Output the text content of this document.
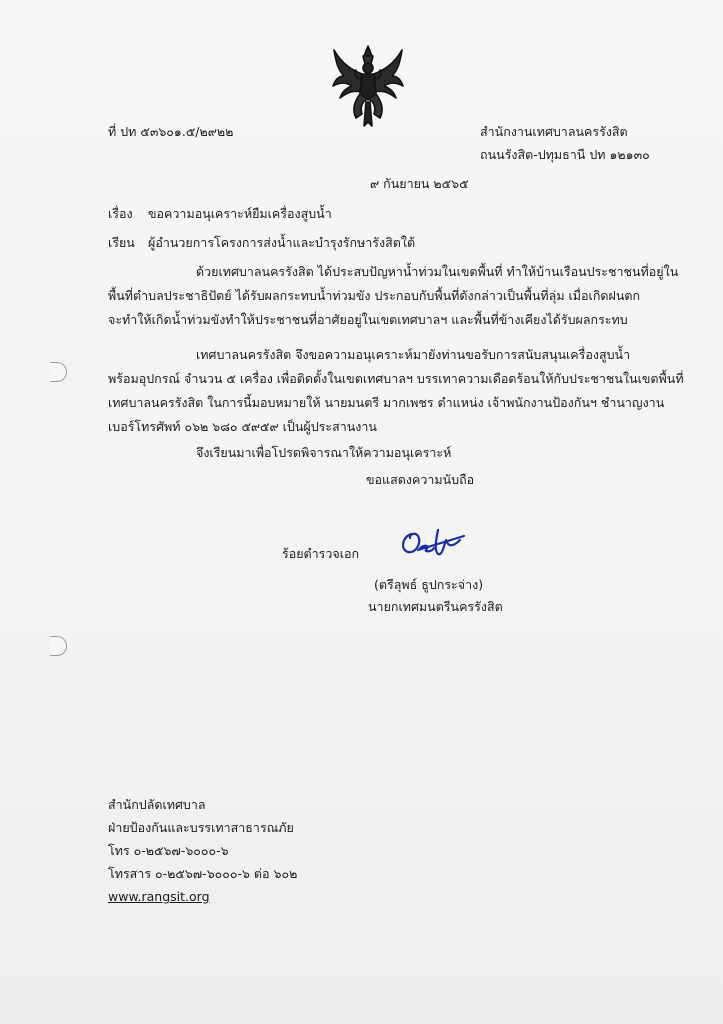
ที่ ปท ๕๓๖๐๑.๕/๒๙๒๒	สำนักงานเทศบาลนครรังสิต
ถนนรังสิต-ปทุมธานี ปท ๑๒๑๓๐
๙ กันยายน ๒๕๖๕
เรื่อง ขอความอนุเคราะห์ยืมเครื่องสูบน้ำ
เรียน ผู้อำนวยการโครงการส่งน้ำและบำรุงรักษารังสิตใต้
ด้วยเทศบาลนครรังสิต ได้ประสบปัญหาน้ำท่วมในเขตพื้นที่ ทำให้บ้านเรือนประชาชนที่อยู่ใน
พื้นที่ตำบลประชาธิปัตย์ ได้รับผลกระทบน้ำท่วมขัง ประกอบกับพื้นที่ดังกล่าวเป็นพื้นที่ลุ่ม เมื่อเกิดฝนตก
จะทำให้เกิดน้ำท่วมขังทำให้ประชาชนที่อาศัยอยู่ในเขตเทศบาลฯ และพื้นที่ข้างเคียงได้รับผลกระทบ
เทศบาลนครรังสิต จึงขอความอนุเคราะห์มายังท่านขอรับการสนับสนุนเครื่องสูบน้ำ
พร้อมอุปกรณ์ จำนวน ๕ เครื่อง เพื่อติดตั้งในเขตเทศบาลฯ บรรเทาความเดือดร้อนให้กับประชาชนในเขตพื้นที่
เทศบาลนครรังสิต ในการนี้มอบหมายให้ นายมนตรี มากเพชร ตำแหน่ง เจ้าพนักงานป้องกันฯ ชำนาญงาน
เบอร์โทรศัพท์ ๐๖๒ ๖๘๐ ๕๙๕๙ เป็นผู้ประสานงาน
จึงเรียนมาเพื่อโปรดพิจารณาให้ความอนุเคราะห์
ขอแสดงความนับถือ
ร้อยตำรวจเอก
(ตรีลุพธ์ ธูปกระจ่าง)
นายกเทศมนตรีนครรังสิต
สำนักปลัดเทศบาล
ฝ่ายป้องกันและบรรเทาสาธารณภัย
โทร ๐-๒๕๖๗-๖๐๐๐-๖
โทรสาร ๐-๒๕๖๗-๖๐๐๐-๖ ต่อ ๖๐๒
www.rangsit.org
